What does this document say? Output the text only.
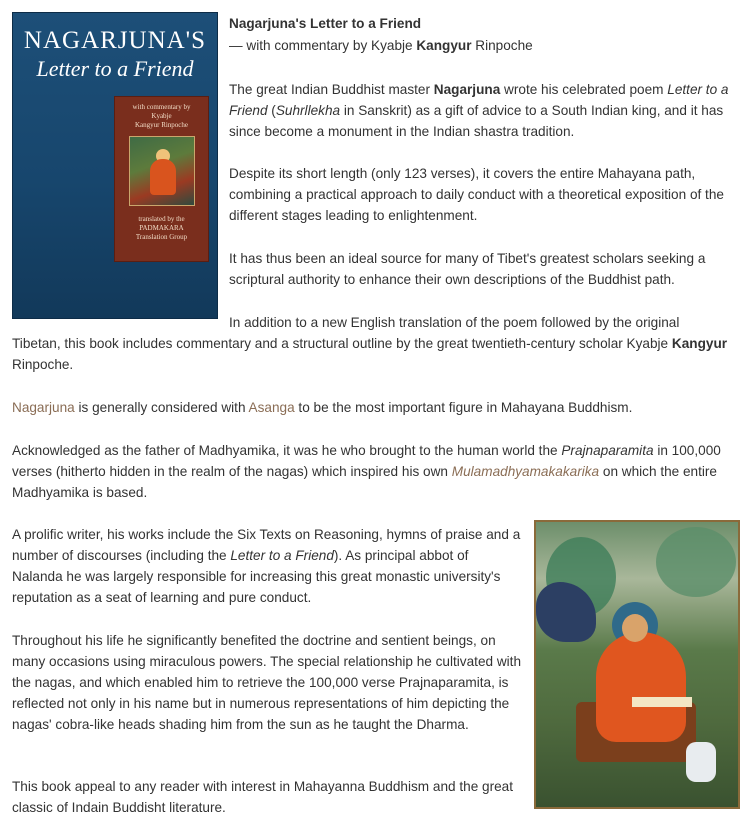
NAGARJUNA'S
Letter to a Friend
with commentary by
Kyabje
Kangyur Rinpoche
translated by the
PADMAKARA
Translation Group

Nagarjuna's Letter to a Friend

— with commentary by Kyabje Kangyur Rinpoche

The great Indian Buddhist master Nagarjuna wrote his celebrated poem Letter to a Friend (Suhrllekha in Sanskrit) as a gift of advice to a South Indian king, and it has since become a monument in the Indian shastra tradition.

Despite its short length (only 123 verses), it covers the entire Mahayana path, combining a practical approach to daily conduct with a theoretical exposition of the different stages leading to enlightenment.

It has thus been an ideal source for many of Tibet's greatest scholars seeking a scriptural authority to enhance their own descriptions of the Buddhist path.

In addition to a new English translation of the poem followed by the original

Tibetan, this book includes commentary and a structural outline by the great twentieth-century scholar Kyabje Kangyur Rinpoche.

Nagarjuna is generally considered with Asanga to be the most important figure in Mahayana Buddhism.

Acknowledged as the father of Madhyamika, it was he who brought to the human world the Prajnaparamita in 100,000 verses (hitherto hidden in the realm of the nagas) which inspired his own Mulamadhyamakakarika on which the entire Madhyamika is based.

A prolific writer, his works include the Six Texts on Reasoning, hymns of praise and a number of discourses (including the Letter to a Friend). As principal abbot of Nalanda he was largely responsible for increasing this great monastic university's reputation as a seat of learning and pure conduct.

Throughout his life he significantly benefited the doctrine and sentient beings, on many occasions using miraculous powers. The special relationship he cultivated with the nagas, and which enabled him to retrieve the 100,000 verse Prajnaparamita, is reflected not only in his name but in numerous representations of him depicting the nagas' cobra-like heads shading him from the sun as he taught the Dharma.

This book appeal to any reader with interest in Mahayanna Buddhism and the great classic of Indain Buddisht literature.
